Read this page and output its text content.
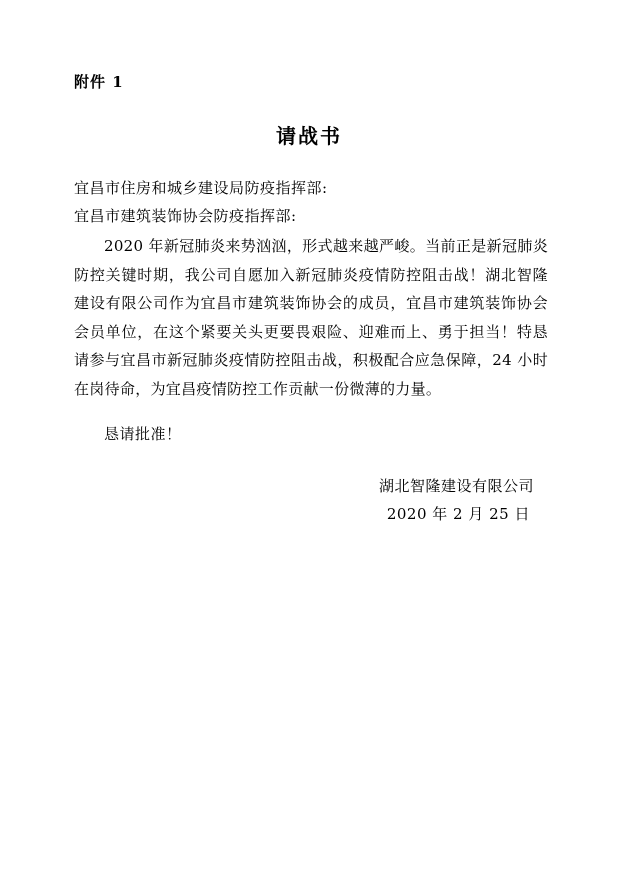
附件 1
请战书
宜昌市住房和城乡建设局防疫指挥部:
宜昌市建筑装饰协会防疫指挥部:

2020 年新冠肺炎来势汹汹，形式越来越严峻。当前正是新冠肺炎防控关键时期，我公司自愿加入新冠肺炎疫情防控阻击战！湖北智隆建设有限公司作为宜昌市建筑装饰协会的成员，宜昌市建筑装饰协会会员单位，在这个紧要关头更要畏艰险、迎难而上、勇于担当！特恳请参与宜昌市新冠肺炎疫情防控阻击战，积极配合应急保障，24 小时在岗待命，为宜昌疫情防控工作贡献一份微薄的力量。

恳请批准！
湖北智隆建设有限公司
2020 年 2 月 25 日
